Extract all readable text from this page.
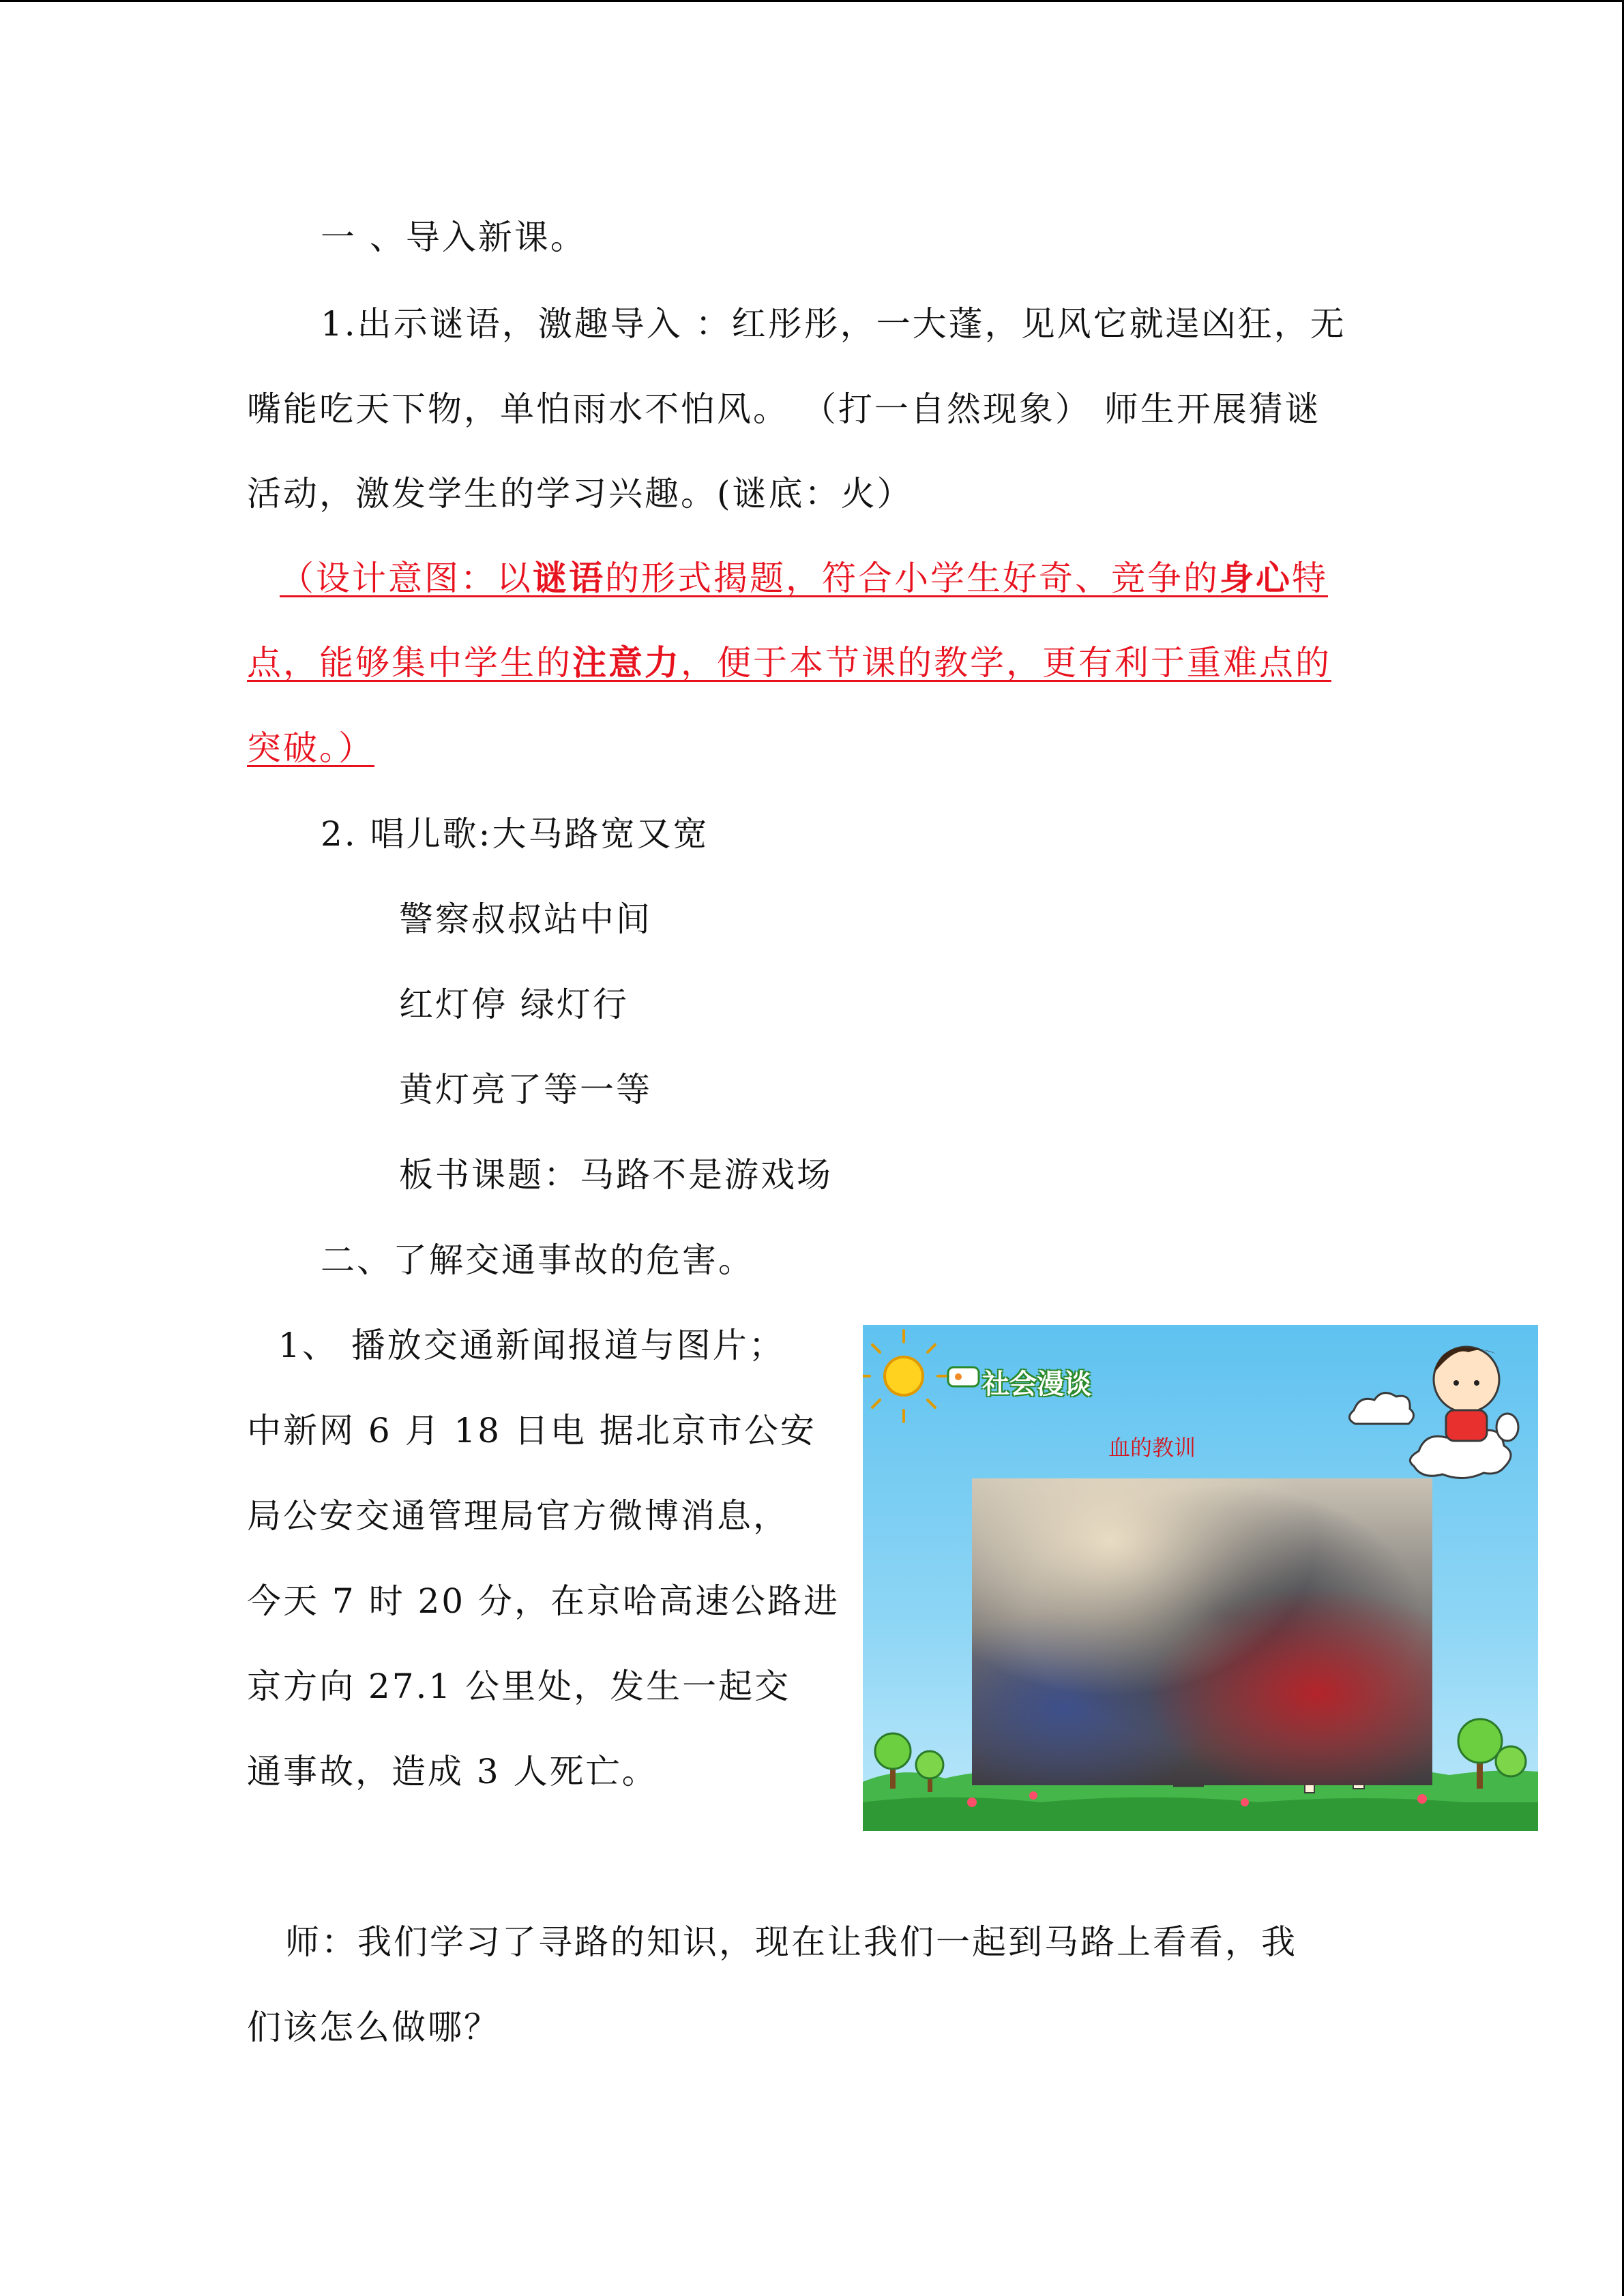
一 、导入新课。
1.出示谜语，激趣导入 ：红彤彤，一大蓬，见风它就逞凶狂，无
嘴能吃天下物，单怕雨水不怕风。 （打一自然现象） 师生开展猜谜
活动，激发学生的学习兴趣。(谜底：火）
（设计意图：以谜语的形式揭题，符合小学生好奇、竞争的身心特
点，能够集中学生的注意力，便于本节课的教学，更有利于重难点的
突破。）
2. 唱儿歌:大马路宽又宽
警察叔叔站中间
红灯停 绿灯行
黄灯亮了等一等
板书课题：马路不是游戏场
二、了解交通事故的危害。
1、 播放交通新闻报道与图片；
中新网 6 月 18 日电 据北京市公安
局公安交通管理局官方微博消息，
今天 7 时 20 分，在京哈高速公路进
京方向 27.1 公里处，发生一起交
通事故，造成 3 人死亡。
社会漫谈
血的教训
师：我们学习了寻路的知识，现在让我们一起到马路上看看，我
们该怎么做哪？
